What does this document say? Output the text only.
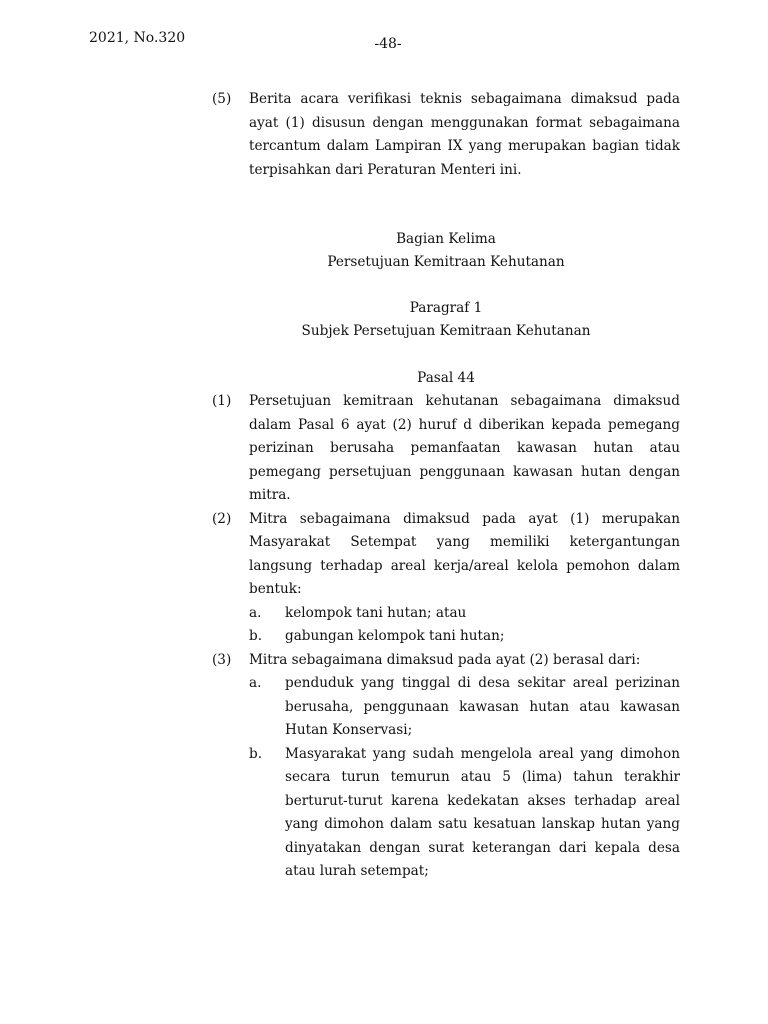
2021, No.320	-48-
(5)	Berita acara verifikasi teknis sebagaimana dimaksud pada ayat (1) disusun dengan menggunakan format sebagaimana tercantum dalam Lampiran IX yang merupakan bagian tidak terpisahkan dari Peraturan Menteri ini.
Bagian Kelima
Persetujuan Kemitraan Kehutanan
Paragraf 1
Subjek Persetujuan Kemitraan Kehutanan
Pasal 44
(1)	Persetujuan kemitraan kehutanan sebagaimana dimaksud dalam Pasal 6 ayat (2) huruf d diberikan kepada pemegang perizinan berusaha pemanfaatan kawasan hutan atau pemegang persetujuan penggunaan kawasan hutan dengan mitra.
(2)	Mitra sebagaimana dimaksud pada ayat (1) merupakan Masyarakat Setempat yang memiliki ketergantungan langsung terhadap areal kerja/areal kelola pemohon dalam bentuk:
a.	kelompok tani hutan; atau
b.	gabungan kelompok tani hutan;
(3)	Mitra sebagaimana dimaksud pada ayat (2) berasal dari:
a.	penduduk yang tinggal di desa sekitar areal perizinan berusaha, penggunaan kawasan hutan atau kawasan Hutan Konservasi;
b.	Masyarakat yang sudah mengelola areal yang dimohon secara turun temurun atau 5 (lima) tahun terakhir berturut-turut karena kedekatan akses terhadap areal yang dimohon dalam satu kesatuan lanskap hutan yang dinyatakan dengan surat keterangan dari kepala desa atau lurah setempat;
